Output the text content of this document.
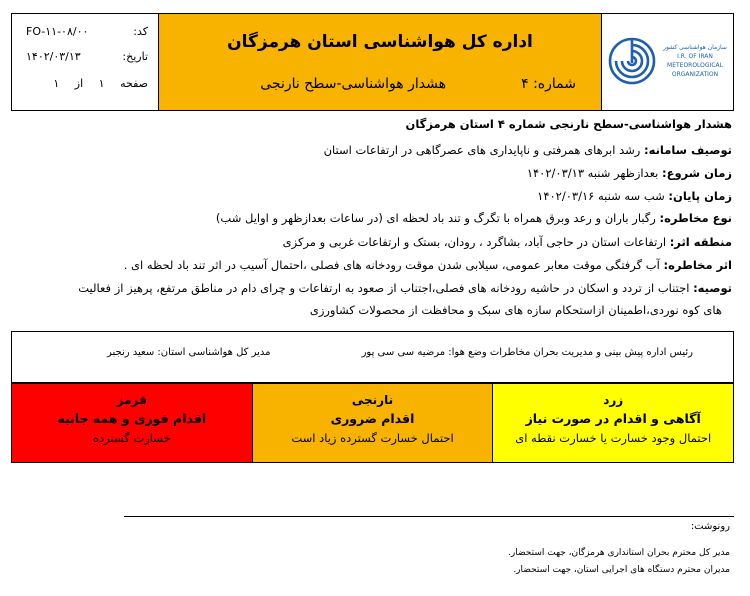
کد:
FO-۱۱-۰۸/۰۰
تاریخ:
۱۴۰۲/۰۳/۱۳
صفحه ۱ از ۱
اداره کل هواشناسی استان هرمزگان
هشدار هواشناسی-سطح نارنجی	شماره: ۴
سازمان هواشناسی کشور
I.R. OF IRAN
METEOROLOGICAL
ORGANIZATION
هشدار هواشناسی-سطح نارنجی شماره ۴ استان هرمزگان
توصیف سامانه: رشد ابرهای همرفتی و ناپایداری های عصرگاهی در ارتفاعات استان
زمان شروع: بعدازظهر شنبه ۱۴۰۲/۰۳/۱۳
زمان پایان: شب سه شنبه ۱۴۰۲/۰۳/۱۶
نوع مخاطره: رگبار باران و رعد وبرق همراه با تگرگ و تند باد لحظه ای (در ساعات بعدازظهر و اوایل شب)
منطقه اثر: ارتفاعات استان در حاجی آباد، بشاگرد ، رودان، بستک و ارتفاعات غربی و مرکزی
اثر مخاطره: آب گرفتگی موقت معابر عمومی، سیلابی شدن موقت رودخانه های فصلی ،احتمال آسیب در اثر تند باد لحظه ای .
توصیه: اجتناب از تردد و اسکان در حاشیه رودخانه های فصلی،اجتناب از صعود به ارتفاعات و چرای دام در مناطق مرتفع، پرهیز از فعالیت
های کوه نوردی،اطمینان ازاستحکام سازه های سبک و محافظت از محصولات کشاورزی
رئیس اداره پیش بینی و مدیریت بحران مخاطرات وضع هوا: مرضیه سی سی پور
مدیر کل هواشناسی استان: سعید رنجبر
قرمز
اقدام فوری و همه جانبه
خسارت گسترده
نارنجی
اقدام ضروری
احتمال خسارت گسترده زیاد است
زرد
آگاهی و اقدام در صورت نیاز
احتمال وجود خسارت یا خسارت نقطه ای
رونوشت:
مدیر کل محترم بحران استانداری هرمزگان، جهت استحضار.
مدیران محترم دستگاه های اجرایی استان، جهت استحضار.
